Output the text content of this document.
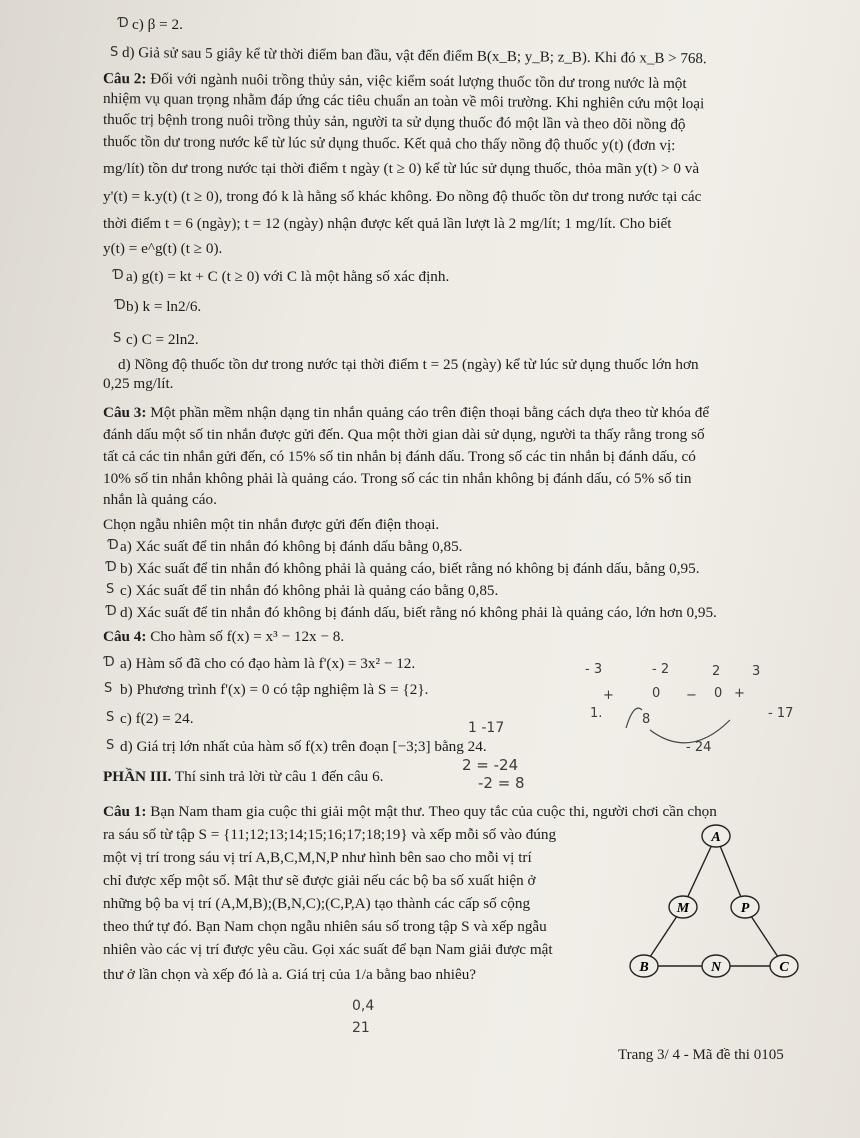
Ɗ c) β = 2.
S d) Giả sử sau 5 giây kể từ thời điểm ban đầu, vật đến điểm B(x_B; y_B; z_B). Khi đó x_B > 768.
Câu 2: Đối với ngành nuôi trồng thủy sản, việc kiểm soát lượng thuốc tồn dư trong nước là một
nhiệm vụ quan trọng nhằm đáp ứng các tiêu chuẩn an toàn về môi trường. Khi nghiên cứu một loại
thuốc trị bệnh trong nuôi trồng thủy sản, người ta sử dụng thuốc đó một lần và theo dõi nồng độ
thuốc tồn dư trong nước kể từ lúc sử dụng thuốc. Kết quả cho thấy nồng độ thuốc y(t) (đơn vị:
mg/lít) tồn dư trong nước tại thời điểm t ngày (t ≥ 0) kể từ lúc sử dụng thuốc, thỏa mãn y(t) > 0 và
y'(t) = k.y(t) (t ≥ 0), trong đó k là hằng số khác không. Đo nồng độ thuốc tồn dư trong nước tại các
thời điểm t = 6 (ngày); t = 12 (ngày) nhận được kết quả lần lượt là 2 mg/lít; 1 mg/lít. Cho biết
y(t) = e^g(t) (t ≥ 0).
Ɗ a) g(t) = kt + C (t ≥ 0) với C là một hằng số xác định.
Ɗ b) k = ln2/6.
S c) C = 2ln2.
d) Nồng độ thuốc tồn dư trong nước tại thời điểm t = 25 (ngày) kể từ lúc sử dụng thuốc lớn hơn
0,25 mg/lít.
Câu 3: Một phần mềm nhận dạng tin nhắn quảng cáo trên điện thoại bằng cách dựa theo từ khóa để
đánh dấu một số tin nhắn được gửi đến. Qua một thời gian dài sử dụng, người ta thấy rằng trong số
tất cả các tin nhắn gửi đến, có 15% số tin nhắn bị đánh dấu. Trong số các tin nhắn bị đánh dấu, có
10% số tin nhắn không phải là quảng cáo. Trong số các tin nhắn không bị đánh dấu, có 5% số tin
nhắn là quảng cáo.
Chọn ngẫu nhiên một tin nhắn được gửi đến điện thoại.
Ɗ a) Xác suất để tin nhắn đó không bị đánh dấu bằng 0,85.
Ɗ b) Xác suất để tin nhắn đó không phải là quảng cáo, biết rằng nó không bị đánh dấu, bằng 0,95.
S c) Xác suất để tin nhắn đó không phải là quảng cáo bằng 0,85.
Ɗ d) Xác suất để tin nhắn đó không bị đánh dấu, biết rằng nó không phải là quảng cáo, lớn hơn 0,95.
Câu 4: Cho hàm số f(x) = x³ − 12x − 8.
Ɗ a) Hàm số đã cho có đạo hàm là f'(x) = 3x² − 12.
S b) Phương trình f'(x) = 0 có tập nghiệm là S = {2}.
S c) f(2) = 24.
S d) Giá trị lớn nhất của hàm số f(x) trên đoạn [−3;3] bằng 24.
PHẦN III. Thí sinh trả lời từ câu 1 đến câu 6.
Câu 1: Bạn Nam tham gia cuộc thi giải một mật thư. Theo quy tắc của cuộc thi, người chơi cần chọn
ra sáu số từ tập S = {11;12;13;14;15;16;17;18;19} và xếp mỗi số vào đúng
một vị trí trong sáu vị trí A,B,C,M,N,P như hình bên sao cho mỗi vị trí
chỉ được xếp một số. Mật thư sẽ được giải nếu các bộ ba số xuất hiện ở
những bộ ba vị trí (A,M,B);(B,N,C);(C,P,A) tạo thành các cấp số cộng
theo thứ tự đó. Bạn Nam chọn ngẫu nhiên sáu số trong tập S và xếp ngẫu
nhiên vào các vị trí được yêu cầu. Gọi xác suất để bạn Nam giải được mật
thư ở lần chọn và xếp đó là a. Giá trị của 1/a bằng bao nhiêu?
A
M	P
B	N	C
- 3	- 2	2 3
+	0 − 0 +
1.	8	- 17
- 24
1 -17
2 = -24
-2 = 8
0,4
21
Trang 3/ 4 - Mã đề thi 0105
